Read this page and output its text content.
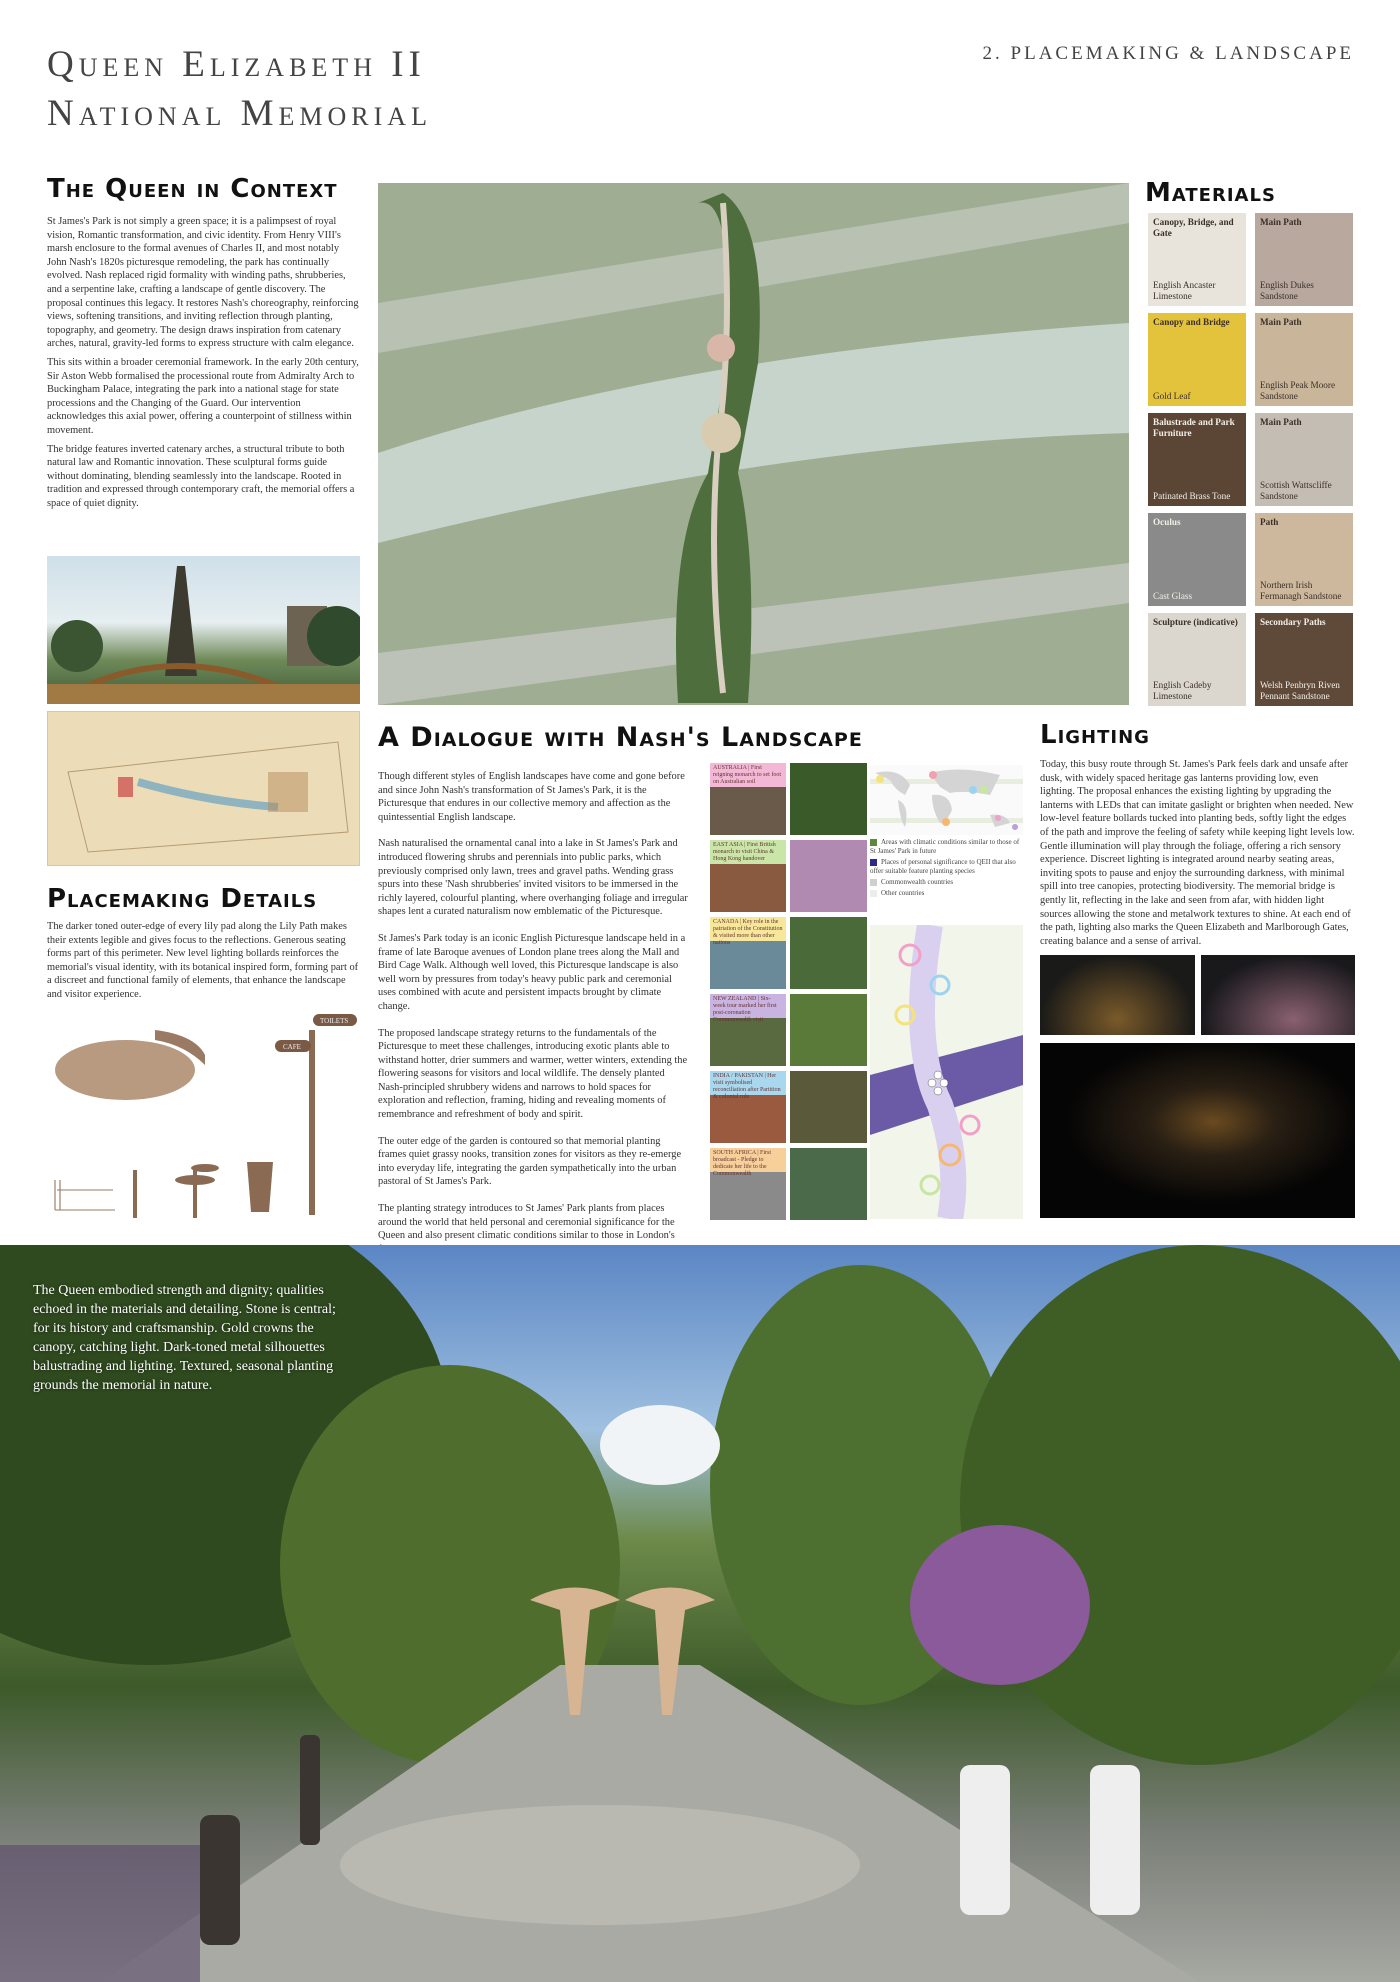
Queen Elizabeth II
National Memorial
2. PLACEMAKING & LANDSCAPE
The Queen in Context

St James's Park is not simply a green space; it is a palimpsest of royal vision, Romantic transformation, and civic identity. From Henry VIII's marsh enclosure to the formal avenues of Charles II, and most notably John Nash's 1820s picturesque remodeling, the park has continually evolved. Nash replaced rigid formality with winding paths, shrubberies, and a serpentine lake, crafting a landscape of gentle discovery. The proposal continues this legacy. It restores Nash's choreography, reinforcing views, softening transitions, and inviting reflection through planting, topography, and geometry. The design draws inspiration from catenary arches, natural, gravity-led forms to express structure with calm elegance.

This sits within a broader ceremonial framework. In the early 20th century, Sir Aston Webb formalised the processional route from Admiralty Arch to Buckingham Palace, integrating the park into a national stage for state processions and the Changing of the Guard. Our intervention acknowledges this axial power, offering a counterpoint of stillness within movement.

The bridge features inverted catenary arches, a structural tribute to both natural law and Romantic innovation. These sculptural forms guide without dominating, blending seamlessly into the landscape. Rooted in tradition and expressed through contemporary craft, the memorial offers a space of quiet dignity.

Placemaking Details
The darker toned outer-edge of every lily pad along the Lily Path makes their extents legible and gives focus to the reflections. Generous seating forms part of this perimeter. New level lighting bollards reinforces the memorial's visual identity, with its botanical inspired form, forming part of a discreet and functional family of elements, that enhance the landscape and visitor experience.
CAFE
TOILETS
Materials
Canopy, Bridge, and Gate
English Ancaster Limestone
Main Path
English Dukes Sandstone
Canopy and Bridge
Gold Leaf
Main Path
English Peak Moore Sandstone
Balustrade and Park Furniture
Patinated Brass Tone
Main Path
Scottish Wattscliffe Sandstone
Oculus
Cast Glass
Path
Northern Irish Fermanagh Sandstone
Sculpture (indicative)
English Cadeby Limestone
Secondary Paths
Welsh Penbryn Riven Pennant Sandstone
A Dialogue with Nash's Landscape

Though different styles of English landscapes have come and gone before and since John Nash's transformation of St James's Park, it is the Picturesque that endures in our collective memory and affection as the quintessential English landscape.

Nash naturalised the ornamental canal into a lake in St James's Park and introduced flowering shrubs and perennials into public parks, which previously comprised only lawn, trees and gravel paths. Wending grass spurs into these 'Nash shrubberies' invited visitors to be immersed in the richly layered, colourful planting, where overhanging foliage and irregular shapes lent a curated naturalism now emblematic of the Picturesque.

St James's Park today is an iconic English Picturesque landscape held in a frame of late Baroque avenues of London plane trees along the Mall and Bird Cage Walk. Although well loved, this Picturesque landscape is also well worn by pressures from today's heavy public park and ceremonial uses combined with acute and persistent impacts brought by climate change.

The proposed landscape strategy returns to the fundamentals of the Picturesque to meet these challenges, introducing exotic plants able to withstand hotter, drier summers and warmer, wetter winters, extending the flowering seasons for visitors and local wildlife. The densely planted Nash-principled shrubbery widens and narrows to hold spaces for exploration and reflection, framing, hiding and revealing moments of remembrance and refreshment of body and spirit.

The outer edge of the garden is contoured so that memorial planting frames quiet grassy nooks, transition zones for visitors as they re-emerge into everyday life, integrating the garden sympathetically into the urban pastoral of St James's Park.

The planting strategy introduces to St James' Park plants from places around the world that held personal and ceremonial significance for the Queen and also present climatic conditions similar to those in London's

AUSTRALIA | First reigning monarch to set foot on Australian soil
EAST ASIA | First British monarch to visit China & Hong Kong handover
CANADA | Key role in the patriation of the Constitution & visited more than other nations
NEW ZEALAND | Six-week tour marked her first post-coronation Commonwealth visit
INDIA / PAKISTAN | Her visit symbolised reconciliation after Partition & colonial rule
SOUTH AFRICA | First broadcast - Pledge to dedicate her life to the Commonwealth
Areas with climatic conditions similar to those of St James' Park in future
Places of personal significance to QEII that also offer suitable feature planting species
Commonwealth countries
Other countries
Lighting
Today, this busy route through St. James's Park feels dark and unsafe after dusk, with widely spaced heritage gas lanterns providing low, even lighting. The proposal enhances the existing lighting by upgrading the lanterns with LEDs that can imitate gaslight or brighten when needed. New low-level feature bollards tucked into planting beds, softly light the edges of the path and improve the feeling of safety while keeping light levels low. Gentle illumination will play through the foliage, offering a rich sensory experience. Discreet lighting is integrated around nearby seating areas, inviting spots to pause and enjoy the surrounding darkness, with minimal spill into tree canopies, protecting biodiversity. The memorial bridge is gently lit, reflecting in the lake and seen from afar, with hidden light sources allowing the stone and metalwork textures to shine. At each end of the path, lighting also marks the Queen Elizabeth and Marlborough Gates, creating balance and a sense of arrival.
The Queen embodied strength and dignity; qualities echoed in the materials and detailing. Stone is central; for its history and craftsmanship. Gold crowns the canopy, catching light. Dark-toned metal silhouettes balustrading and lighting. Textured, seasonal planting grounds the memorial in nature.
